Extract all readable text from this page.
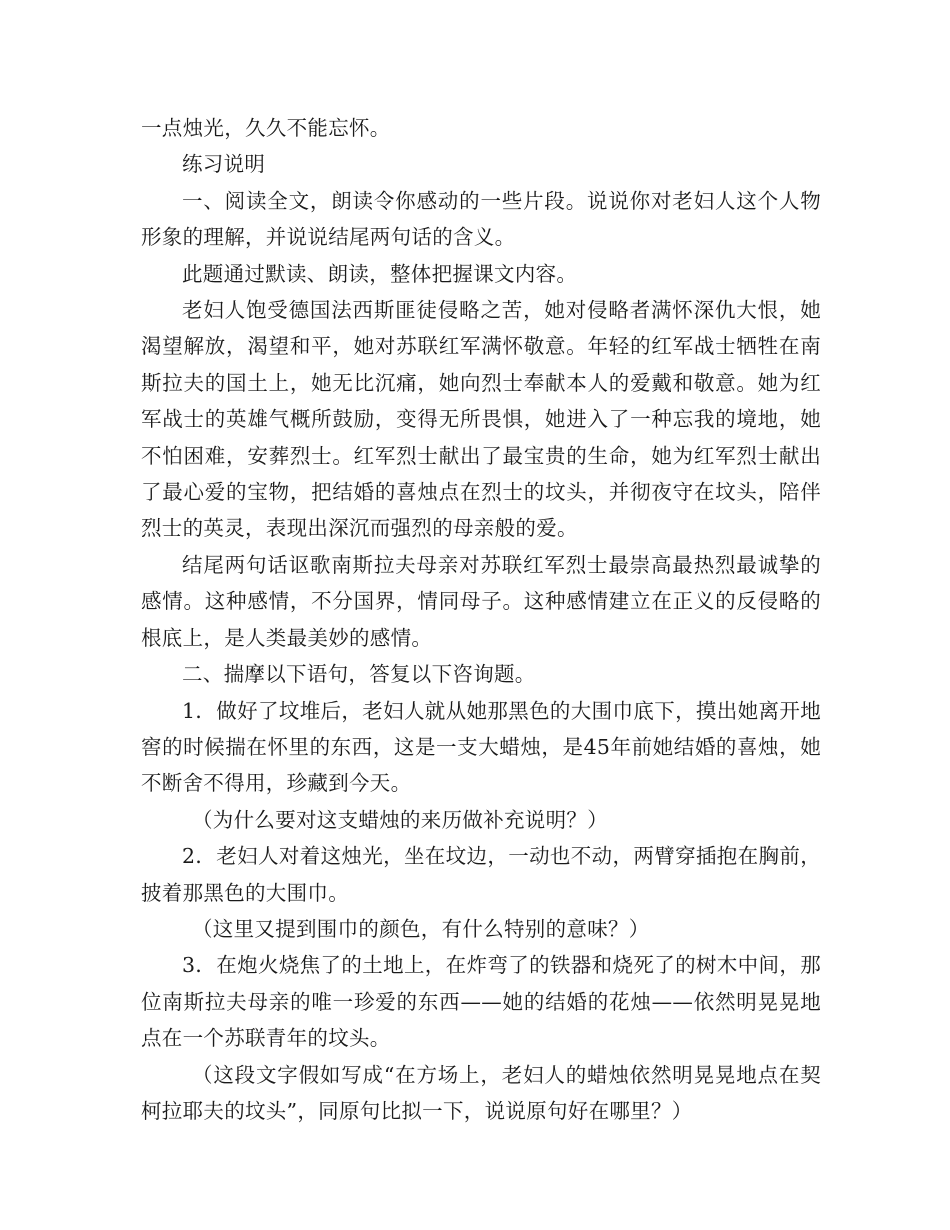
一点烛光，久久不能忘怀。

练习说明

一、阅读全文，朗读令你感动的一些片段。说说你对老妇人这个人物形象的理解，并说说结尾两句话的含义。

此题通过默读、朗读，整体把握课文内容。

老妇人饱受德国法西斯匪徒侵略之苦，她对侵略者满怀深仇大恨，她渴望解放，渴望和平，她对苏联红军满怀敬意。年轻的红军战士牺牲在南斯拉夫的国土上，她无比沉痛，她向烈士奉献本人的爱戴和敬意。她为红军战士的英雄气概所鼓励，变得无所畏惧，她进入了一种忘我的境地，她不怕困难，安葬烈士。红军烈士献出了最宝贵的生命，她为红军烈士献出了最心爱的宝物，把结婚的喜烛点在烈士的坟头，并彻夜守在坟头，陪伴烈士的英灵，表现出深沉而强烈的母亲般的爱。

结尾两句话讴歌南斯拉夫母亲对苏联红军烈士最崇高最热烈最诚挚的感情。这种感情，不分国界，情同母子。这种感情建立在正义的反侵略的根底上，是人类最美妙的感情。

二、揣摩以下语句，答复以下咨询题。

1．做好了坟堆后，老妇人就从她那黑色的大围巾底下，摸出她离开地窖的时候揣在怀里的东西，这是一支大蜡烛，是45年前她结婚的喜烛，她不断舍不得用，珍藏到今天。

（为什么要对这支蜡烛的来历做补充说明？）

2．老妇人对着这烛光，坐在坟边，一动也不动，两臂穿插抱在胸前，披着那黑色的大围巾。

（这里又提到围巾的颜色，有什么特别的意味？）

3．在炮火烧焦了的土地上，在炸弯了的铁器和烧死了的树木中间，那位南斯拉夫母亲的唯一珍爱的东西——她的结婚的花烛——依然明晃晃地点在一个苏联青年的坟头。

（这段文字假如写成“在方场上，老妇人的蜡烛依然明晃晃地点在契柯拉耶夫的坟头”，同原句比拟一下，说说原句好在哪里？）
